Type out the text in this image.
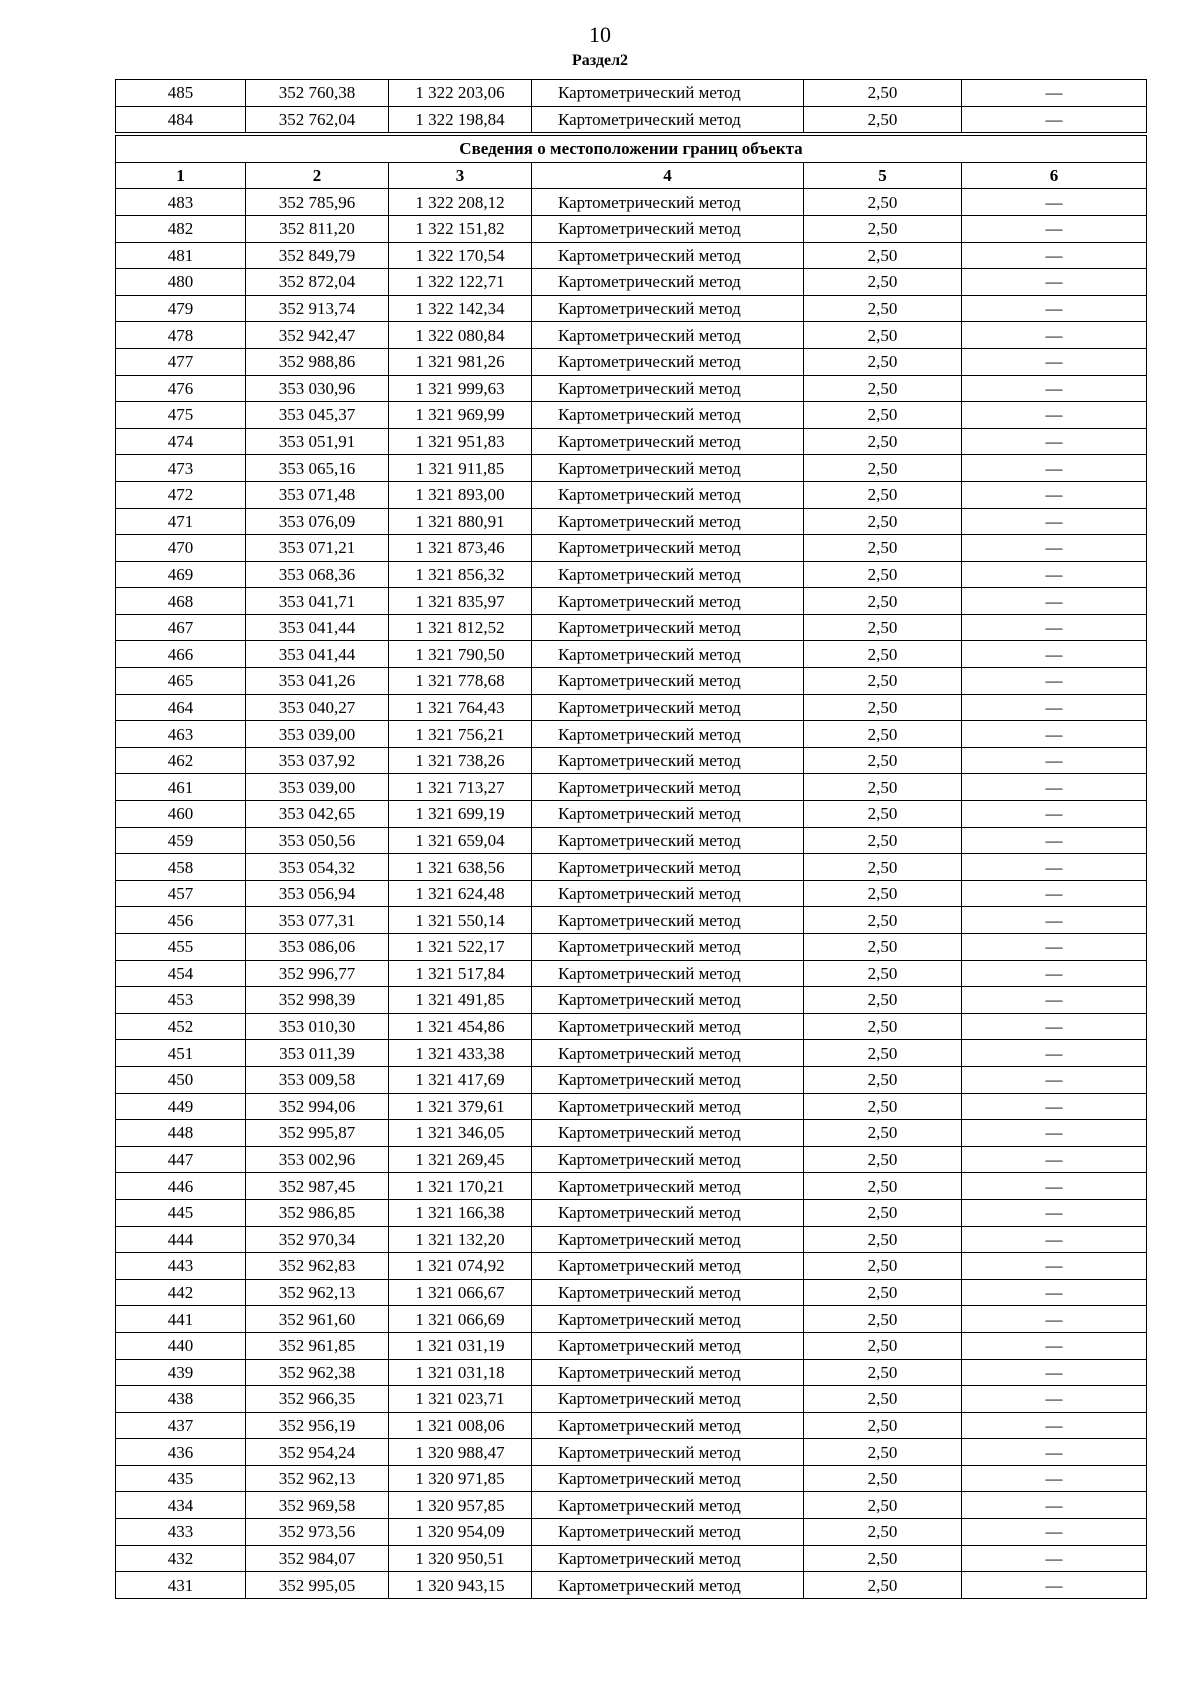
10
Раздел2
485	352 760,38	1 322 203,06	Картометрический метод	2,50	—
484	352 762,04	1 322 198,84	Картометрический метод	2,50	—

Сведения о местоположении границ объекта					
1	2	3	4	5	6
483	352 785,96	1 322 208,12	Картометрический метод	2,50	—
482	352 811,20	1 322 151,82	Картометрический метод	2,50	—
481	352 849,79	1 322 170,54	Картометрический метод	2,50	—
480	352 872,04	1 322 122,71	Картометрический метод	2,50	—
479	352 913,74	1 322 142,34	Картометрический метод	2,50	—
478	352 942,47	1 322 080,84	Картометрический метод	2,50	—
477	352 988,86	1 321 981,26	Картометрический метод	2,50	—
476	353 030,96	1 321 999,63	Картометрический метод	2,50	—
475	353 045,37	1 321 969,99	Картометрический метод	2,50	—
474	353 051,91	1 321 951,83	Картометрический метод	2,50	—
473	353 065,16	1 321 911,85	Картометрический метод	2,50	—
472	353 071,48	1 321 893,00	Картометрический метод	2,50	—
471	353 076,09	1 321 880,91	Картометрический метод	2,50	—
470	353 071,21	1 321 873,46	Картометрический метод	2,50	—
469	353 068,36	1 321 856,32	Картометрический метод	2,50	—
468	353 041,71	1 321 835,97	Картометрический метод	2,50	—
467	353 041,44	1 321 812,52	Картометрический метод	2,50	—
466	353 041,44	1 321 790,50	Картометрический метод	2,50	—
465	353 041,26	1 321 778,68	Картометрический метод	2,50	—
464	353 040,27	1 321 764,43	Картометрический метод	2,50	—
463	353 039,00	1 321 756,21	Картометрический метод	2,50	—
462	353 037,92	1 321 738,26	Картометрический метод	2,50	—
461	353 039,00	1 321 713,27	Картометрический метод	2,50	—
460	353 042,65	1 321 699,19	Картометрический метод	2,50	—
459	353 050,56	1 321 659,04	Картометрический метод	2,50	—
458	353 054,32	1 321 638,56	Картометрический метод	2,50	—
457	353 056,94	1 321 624,48	Картометрический метод	2,50	—
456	353 077,31	1 321 550,14	Картометрический метод	2,50	—
455	353 086,06	1 321 522,17	Картометрический метод	2,50	—
454	352 996,77	1 321 517,84	Картометрический метод	2,50	—
453	352 998,39	1 321 491,85	Картометрический метод	2,50	—
452	353 010,30	1 321 454,86	Картометрический метод	2,50	—
451	353 011,39	1 321 433,38	Картометрический метод	2,50	—
450	353 009,58	1 321 417,69	Картометрический метод	2,50	—
449	352 994,06	1 321 379,61	Картометрический метод	2,50	—
448	352 995,87	1 321 346,05	Картометрический метод	2,50	—
447	353 002,96	1 321 269,45	Картометрический метод	2,50	—
446	352 987,45	1 321 170,21	Картометрический метод	2,50	—
445	352 986,85	1 321 166,38	Картометрический метод	2,50	—
444	352 970,34	1 321 132,20	Картометрический метод	2,50	—
443	352 962,83	1 321 074,92	Картометрический метод	2,50	—
442	352 962,13	1 321 066,67	Картометрический метод	2,50	—
441	352 961,60	1 321 066,69	Картометрический метод	2,50	—
440	352 961,85	1 321 031,19	Картометрический метод	2,50	—
439	352 962,38	1 321 031,18	Картометрический метод	2,50	—
438	352 966,35	1 321 023,71	Картометрический метод	2,50	—
437	352 956,19	1 321 008,06	Картометрический метод	2,50	—
436	352 954,24	1 320 988,47	Картометрический метод	2,50	—
435	352 962,13	1 320 971,85	Картометрический метод	2,50	—
434	352 969,58	1 320 957,85	Картометрический метод	2,50	—
433	352 973,56	1 320 954,09	Картометрический метод	2,50	—
432	352 984,07	1 320 950,51	Картометрический метод	2,50	—
431	352 995,05	1 320 943,15	Картометрический метод	2,50	—
